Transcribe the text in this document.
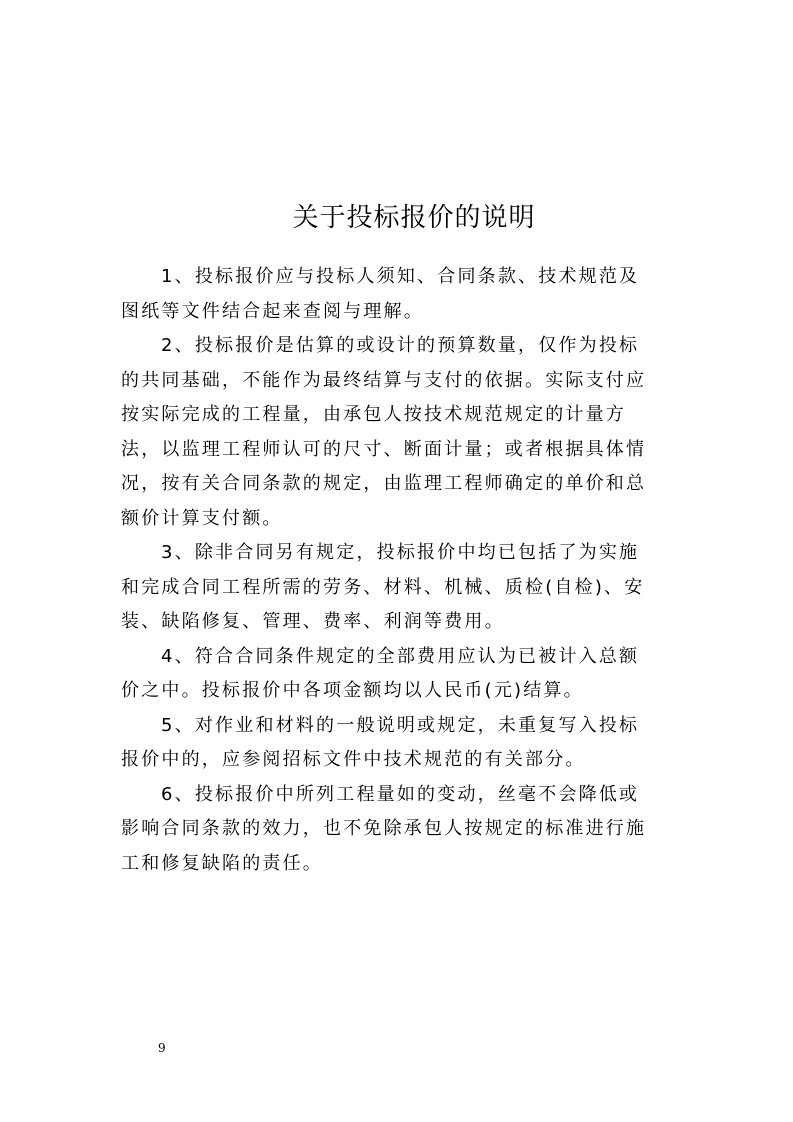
关于投标报价的说明
1、投标报价应与投标人须知、合同条款、技术规范及
图纸等文件结合起来查阅与理解。
2、投标报价是估算的或设计的预算数量，仅作为投标
的共同基础，不能作为最终结算与支付的依据。实际支付应
按实际完成的工程量，由承包人按技术规范规定的计量方
法，以监理工程师认可的尺寸、断面计量；或者根据具体情
况，按有关合同条款的规定，由监理工程师确定的单价和总
额价计算支付额。
3、除非合同另有规定，投标报价中均已包括了为实施
和完成合同工程所需的劳务、材料、机械、质检(自检)、安
装、缺陷修复、管理、费率、利润等费用。
4、符合合同条件规定的全部费用应认为已被计入总额
价之中。投标报价中各项金额均以人民币(元)结算。
5、对作业和材料的一般说明或规定，未重复写入投标
报价中的，应参阅招标文件中技术规范的有关部分。
6、投标报价中所列工程量如的变动，丝毫不会降低或
影响合同条款的效力，也不免除承包人按规定的标准进行施
工和修复缺陷的责任。
9
